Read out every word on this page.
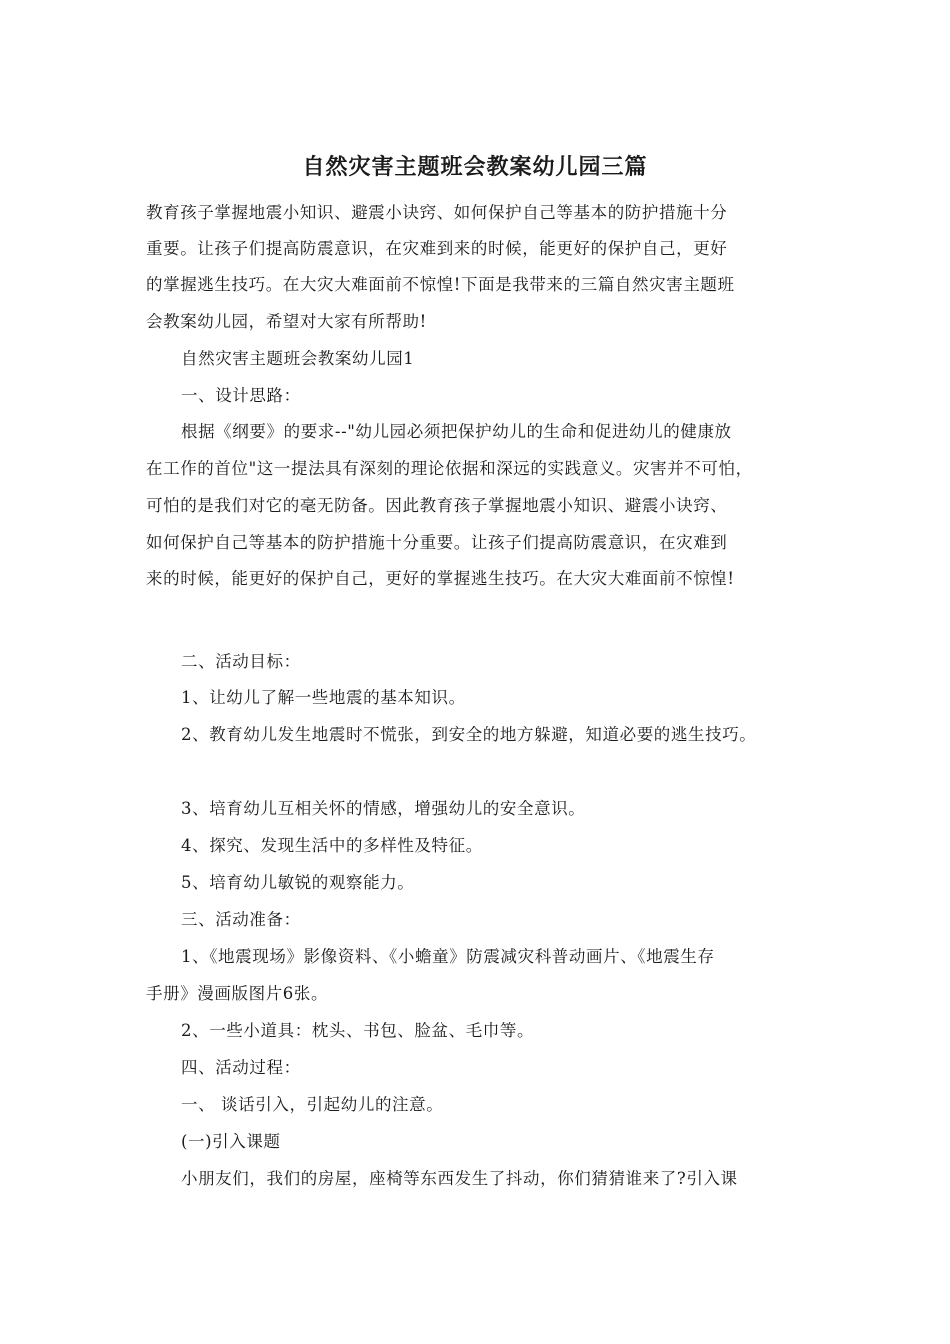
自然灾害主题班会教案幼儿园三篇
教育孩子掌握地震小知识、避震小诀窍、如何保护自己等基本的防护措施十分
重要。让孩子们提高防震意识，在灾难到来的时候，能更好的保护自己，更好
的掌握逃生技巧。在大灾大难面前不惊惶!下面是我带来的三篇自然灾害主题班
会教案幼儿园，希望对大家有所帮助!
自然灾害主题班会教案幼儿园1
一、设计思路：
根据《纲要》的要求--"幼儿园必须把保护幼儿的生命和促进幼儿的健康放
在工作的首位"这一提法具有深刻的理论依据和深远的实践意义。灾害并不可怕，
可怕的是我们对它的毫无防备。因此教育孩子掌握地震小知识、避震小诀窍、
如何保护自己等基本的防护措施十分重要。让孩子们提高防震意识，在灾难到
来的时候，能更好的保护自己，更好的掌握逃生技巧。在大灾大难面前不惊惶!
二、活动目标：
1、让幼儿了解一些地震的基本知识。
2、教育幼儿发生地震时不慌张，到安全的地方躲避，知道必要的逃生技巧。
3、培育幼儿互相关怀的情感，增强幼儿的安全意识。
4、探究、发现生活中的多样性及特征。
5、培育幼儿敏锐的观察能力。
三、活动准备：
1、《地震现场》影像资料、《小蟾童》防震减灾科普动画片、《地震生存
手册》漫画版图片6张。
2、一些小道具：枕头、书包、脸盆、毛巾等。
四、活动过程：
一、 谈话引入，引起幼儿的注意。
(一)引入课题
小朋友们，我们的房屋，座椅等东西发生了抖动，你们猜猜谁来了?引入课
